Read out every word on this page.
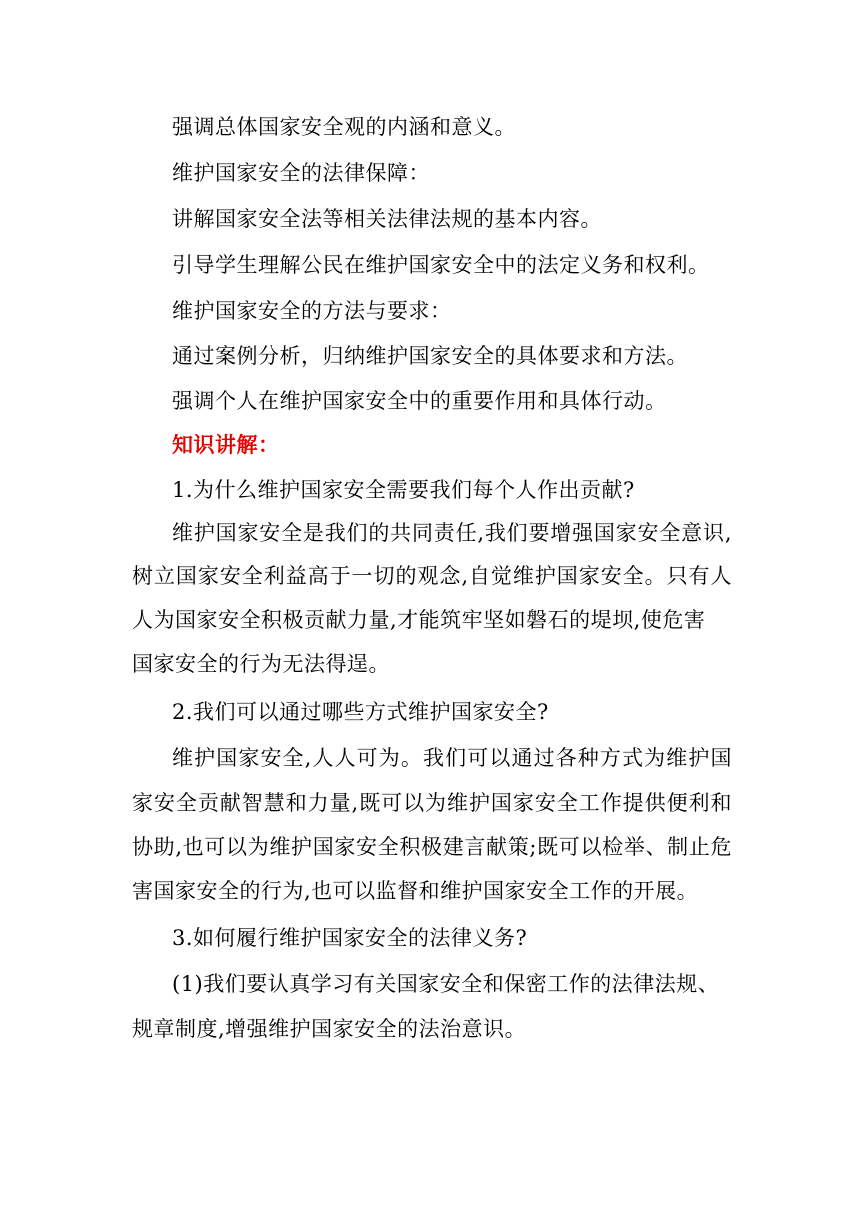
强调总体国家安全观的内涵和意义。
维护国家安全的法律保障：
讲解国家安全法等相关法律法规的基本内容。
引导学生理解公民在维护国家安全中的法定义务和权利。
维护国家安全的方法与要求：
通过案例分析，归纳维护国家安全的具体要求和方法。
强调个人在维护国家安全中的重要作用和具体行动。
知识讲解：
1.为什么维护国家安全需要我们每个人作出贡献?
维护国家安全是我们的共同责任,我们要增强国家安全意识,
树立国家安全利益高于一切的观念,自觉维护国家安全。只有人
人为国家安全积极贡献力量,才能筑牢坚如磐石的堤坝,使危害
国家安全的行为无法得逞。
2.我们可以通过哪些方式维护国家安全?
维护国家安全,人人可为。我们可以通过各种方式为维护国
家安全贡献智慧和力量,既可以为维护国家安全工作提供便利和
协助,也可以为维护国家安全积极建言献策;既可以检举、制止危
害国家安全的行为,也可以监督和维护国家安全工作的开展。
3.如何履行维护国家安全的法律义务?
(1)我们要认真学习有关国家安全和保密工作的法律法规、
规章制度,增强维护国家安全的法治意识。
